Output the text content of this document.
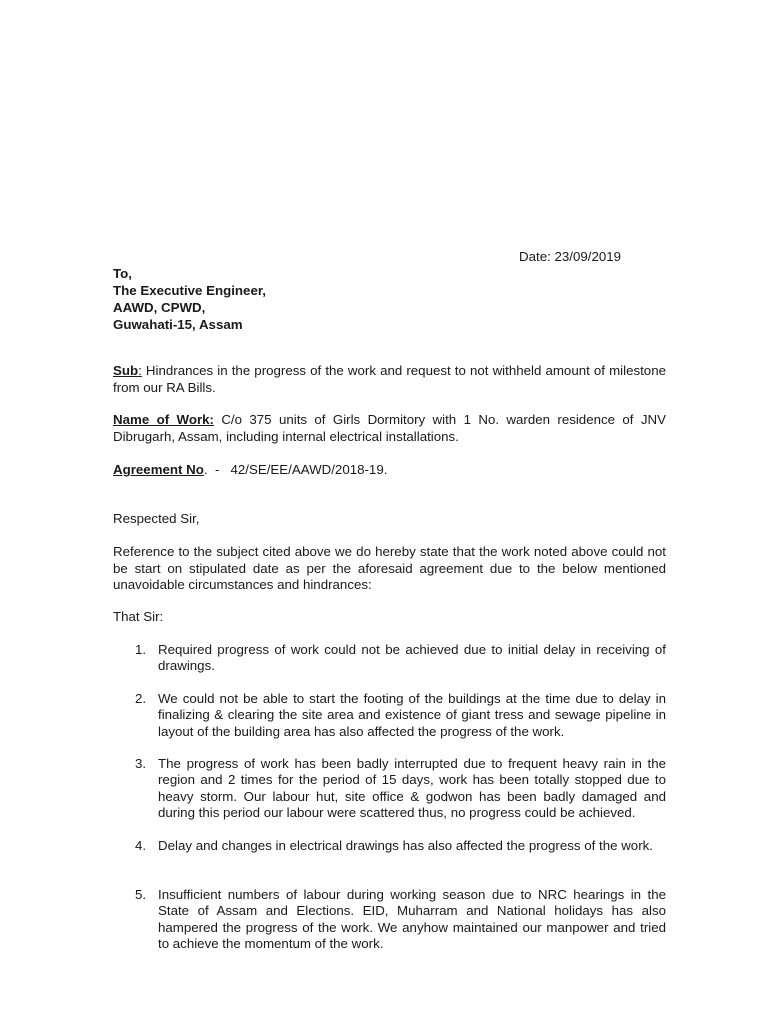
Date: 23/09/2019
To,
The Executive Engineer,
AAWD, CPWD,
Guwahati-15, Assam
Sub: Hindrances in the progress of the work and request to not withheld amount of milestone from our RA Bills.
Name of Work: C/o 375 units of Girls Dormitory with 1 No. warden residence of JNV Dibrugarh, Assam, including internal electrical installations.
Agreement No.  -   42/SE/EE/AAWD/2018-19.
Respected Sir,
Reference to the subject cited above we do hereby state that the work noted above could not be start on stipulated date as per the aforesaid agreement due to the below mentioned unavoidable circumstances and hindrances:
That Sir:
1. Required progress of work could not be achieved due to initial delay in receiving of drawings.
2. We could not be able to start the footing of the buildings at the time due to delay in finalizing & clearing the site area and existence of giant tress and sewage pipeline in layout of the building area has also affected the progress of the work.
3. The progress of work has been badly interrupted due to frequent heavy rain in the region and 2 times for the period of 15 days, work has been totally stopped due to heavy storm. Our labour hut, site office & godwon has been badly damaged and during this period our labour were scattered thus, no progress could be achieved.
4. Delay and changes in electrical drawings has also affected the progress of the work.
5. Insufficient numbers of labour during working season due to NRC hearings in the State of Assam and Elections. EID, Muharram and National holidays has also hampered the progress of the work. We anyhow maintained our manpower and tried to achieve the momentum of the work.
